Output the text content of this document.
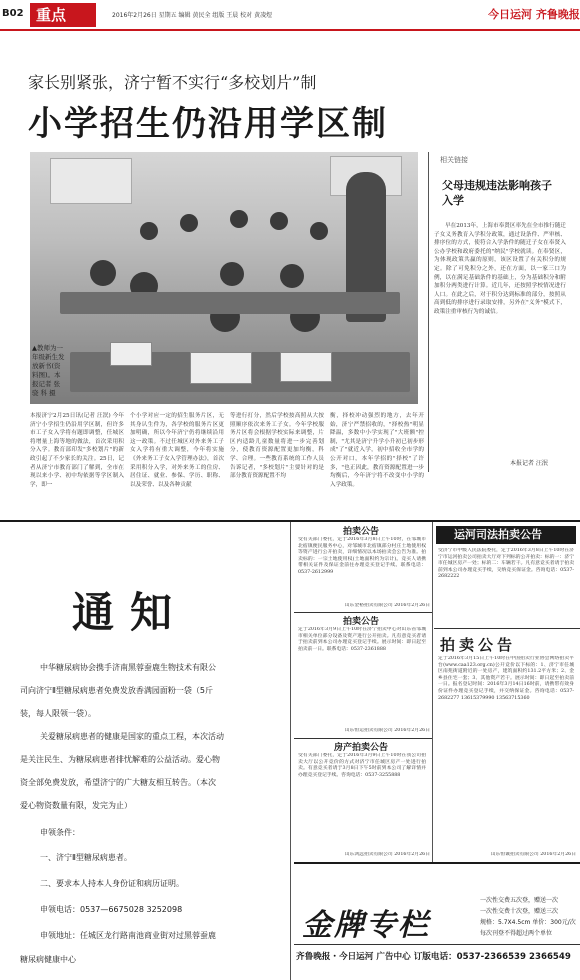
B02 重点	2016年2月26日 星期五 编辑 黄民全 组版 王晨 校对 黄凌煜	今日运河 齐鲁晚报
家长别紧张，济宁暂不实行“多校划片”制
小学招生仍沿用学区制
▲教师为一年级新生发放新书(资料图)。本报记者 张骁 科 摄
相关链接
父母违规违法影响孩子入学
早在2013年，上海市奉贤区率先在全市推行随迁子女义务教育入学积分政策，通过设条件、严审核、排序位的方式，使符合入学条件的随迁子女在奉贤入公办学校和政府委托的"纳民"学校就读。在奉贤区，为体现政策共赢的原则，该区设置了有关积分的规定。除了可免积分之外，还在方面，以一家三口为例，以在满足基础条件的基础上，分为基础积分和附加积分两类进行计算。近几年，还按照学校情况进行人口。在此之后，对于积分达到标准的部分，按照从高到低的排序进行录取安排，另外在"义务"模式下，政策注重审核行为的诚信。
本报记者 汪泯
本报济宁2月25日讯(记者 汪泯) 今年济宁小学招生仍沿用学区制，但许多市工子女入学将有题即调整，任城区将增量上海等地的做法，首次采用积分入学。教育部印发"多校划片"的新政引起了不少家长的关注。25日，记者从济宁市教育部门了解到，全市在现以来小学、初中均依据等学区制入学，即一
个小学对应一定的招生服务片区，无其身认生件为，各学校的服务片区更加明确，所以今年济宁仍将继续沿用这一政策。不过任城区对外来务工子女入学将有重大调整，今年将实施《外来务工子女入学管理办法》，首次采用积分入学，对外来务工的住房、居住证、就业、参保、学历、职称、以及荣誉、以及各种贡献
等进行打分，然后学校按高照从大按照顺序依次来务工子女。今年学校服务片区将会根据学校实际来调整，片区内适龄儿童数量将进一步完善划分，使教育资源配置更加均衡，科学、合理。一些教育系统的工作人员告诉记者，"多校划片"主要针对的是部分教育资源配置不均
衡，择校冲动强烈的地方，去年开始，济宁严禁招收的，"择校热"明显降温，多数中小学实现了"大班额"控制，"尤其是济宁升学小升初已初步形成"了"就近入学，初中招收全市学的公开对口，本年学招的"择校"了许多，"也正因此，教育资源配置进一步均衡后，今年济宁将不改变中小学的入学政策。
通知
中华糖尿病协会携手济南黑蓉蚕鹿生物技术有限公
司向济宁Ⅱ型糖尿病患者免费发放香满园面粉一袋（5斤
装，每人限领一袋）。
关爱糖尿病患者的健康是国家的重点工程，本次活动
是关注民生、为糖尿病患者排忧解难的公益活动。爱心物
资全部免费发放，希望济宁的广大糖友相互转告。（本次
爱心物资数量有限，发完为止）
申领条件：
一、济宁Ⅱ型糖尿病患者。
二、要求本人持本人身份证和病历证明。
申领电话：0537—6675028 3252098
申领地址：任城区龙行路南池商业街对过黑蓉蚕鹿
糖尿病健康中心
拍卖公告
受有关部门委托，定于2016年3月8日上午10时，在邹城市北宿镇便民服务中心，对邹城市北宿镇部分村庄土地使用权等资产进行公开拍卖，详细情况以本场拍卖会公告为准。拍卖标的：一宗土地使用权(土地面积约为宗计)。竞买人请携带相关证件及保证金前往办理竞买登记手续。联系电话：0537-2612999
山东金裕拍卖有限公司 2016年2月26日
拍卖公告
定于2016年3月9日上午10时在济宁拍卖中心对山东省邹城市相关单位部分设备及资产进行公开拍卖。凡有意竞买者请于拍卖前到本公司办理竞买登记手续。展示时间：即日起至拍卖前一日。联系电话：0537-2361888
山东恒运拍卖有限公司 2016年2月26日
房产拍卖公告
受有关部门委托，定于2016年3月9日上午10时在我公司拍卖大厅以公开竞价的方式对济宁市任城区房产一处进行拍卖。有意竞买者请于3月8日下午5时前到本公司了解详情并办理竞买登记手续。咨询电话：0537-3255888
山东鸿远拍卖有限公司 2016年2月26日
运河司法拍卖公告
受济宁市中级人民法院委托，定于2016年3月8日上午10时在济宁市运河拍卖公司拍卖大厅对下列标的公开拍卖：标的一：济宁市任城区房产一处；标的二：车辆若干。凡有意竞买者请于拍卖前到本公司办理竞买手续，交纳竞买保证金。咨询电话：0537-2682222
拍卖公告
定于2016年3月15日上午10时在中国拍卖行业协会网络拍卖平台(www.caa123.org.cn)公开竞价以下标的：1、济宁市任城区南苑街道附近的一处房产，建筑面积约131.2平方米；2、金乡县住宅一套；3、其他资产若干。展示时间：即日起至拍卖前一日。报名登记时间：2016年3月14日16时前，请携带有效身份证件办理竞买登记手续，并交纳保证金。咨询电话：0537-2682277 13615379990 13563715360
山东恒诚拍卖有限公司 2016年2月26日
金牌专栏
一次性交费五次登，赠送一次
一次性交费十次登，赠送三次
规格：5.7X4.5cm 单价：300元/次
每次刊登不得超过两个单位
齐鲁晚报・今日运河 广告中心 订版电话：0537-2366539 2366549
